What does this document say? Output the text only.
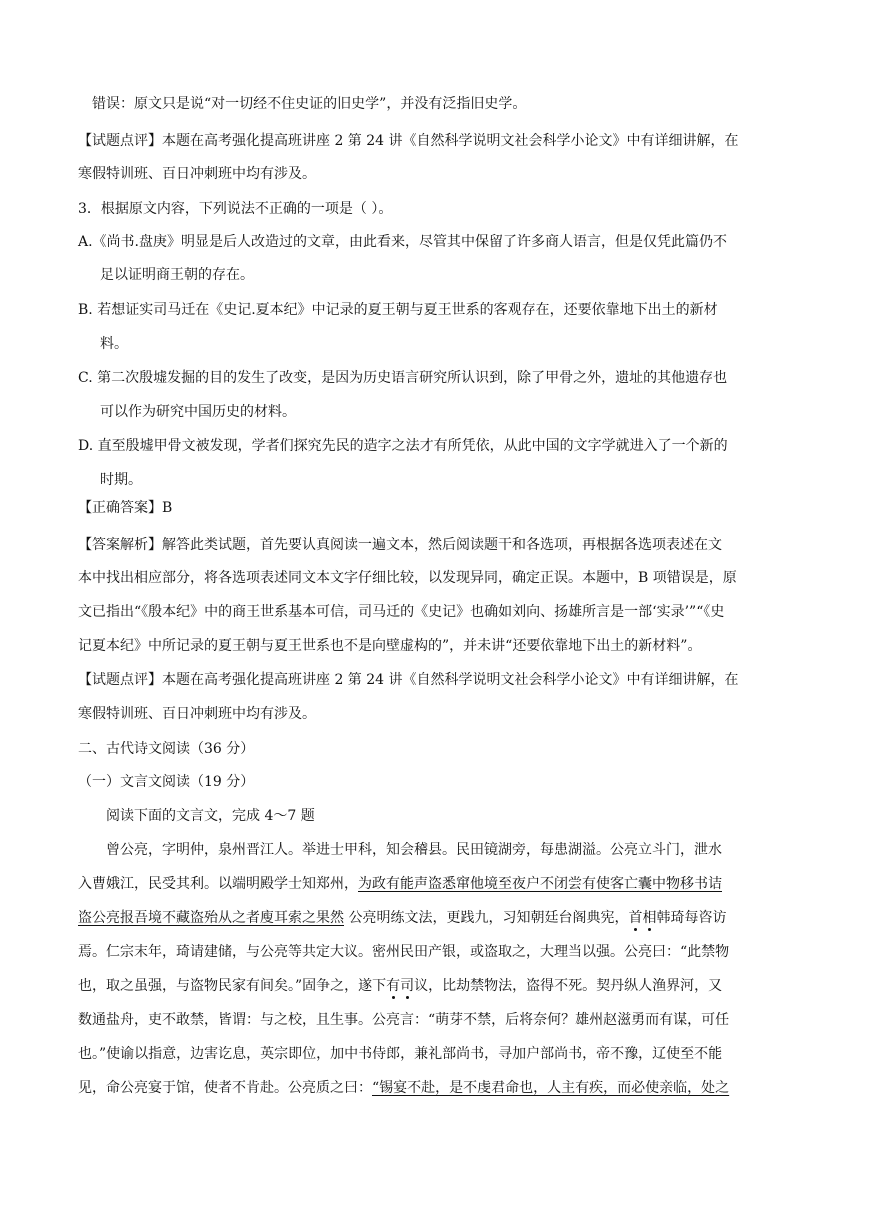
错误：原文只是说“对一切经不住史证的旧史学”，并没有泛指旧史学。
【试题点评】本题在高考强化提高班讲座 2 第 24 讲《自然科学说明文社会科学小论文》中有详细讲解，在
寒假特训班、百日冲刺班中均有涉及。
3．根据原文内容，下列说法不正确的一项是（ ）。
A.《尚书.盘庚》明显是后人改造过的文章，由此看来，尽管其中保留了许多商人语言，但是仅凭此篇仍不
足以证明商王朝的存在。
B. 若想证实司马迁在《史记.夏本纪》中记录的夏王朝与夏王世系的客观存在，还要依靠地下出土的新材
料。
C. 第二次殷墟发掘的目的发生了改变，是因为历史语言研究所认识到，除了甲骨之外，遗址的其他遗存也
可以作为研究中国历史的材料。
D. 直至殷墟甲骨文被发现，学者们探究先民的造字之法才有所凭依，从此中国的文字学就进入了一个新的
时期。
【正确答案】B
【答案解析】解答此类试题，首先要认真阅读一遍文本，然后阅读题干和各选项，再根据各选项表述在文
本中找出相应部分，将各选项表述同文本文字仔细比较，以发现异同，确定正误。本题中，B 项错误是，原
文已指出“《殷本纪》中的商王世系基本可信，司马迁的《史记》也确如刘向、扬雄所言是一部‘实录’”“《史
记夏本纪》中所记录的夏王朝与夏王世系也不是向壁虚构的”，并未讲“还要依靠地下出土的新材料”。
【试题点评】本题在高考强化提高班讲座 2 第 24 讲《自然科学说明文社会科学小论文》中有详细讲解，在
寒假特训班、百日冲刺班中均有涉及。
二、古代诗文阅读（36 分）
（一）文言文阅读（19 分）
阅读下面的文言文，完成 4～7 题
曾公亮，字明仲，泉州晋江人。举进士甲科，知会稽县。民田镜湖旁，每患湖溢。公亮立斗门，泄水
入曹娥江，民受其利。以端明殿学士知郑州，为政有能声盗悉窜他境至夜户不闭尝有使客亡囊中物移书诘
盗公亮报吾境不藏盗殆从之者廋耳索之果然 公亮明练文法，更践九，习知朝廷台阁典宪，首相韩琦每咨访
焉。仁宗末年，琦请建储，与公亮等共定大议。密州民田产银，或盗取之，大理当以强。公亮曰：“此禁物
也，取之虽强，与盗物民家有间矣。”固争之，遂下有司议，比劫禁物法，盗得不死。契丹纵人渔界河，又
数通盐舟，吏不敢禁，皆谓：与之校，且生事。公亮言：“萌芽不禁，后将奈何？雄州赵滋勇而有谋，可任
也。”使谕以指意，边害讫息，英宗即位，加中书侍郎，兼礼部尚书，寻加户部尚书，帝不豫，辽使至不能
见，命公亮宴于馆，使者不肯赴。公亮质之曰：“锡宴不赴，是不虔君命也，人主有疾，而必使亲临，处之
